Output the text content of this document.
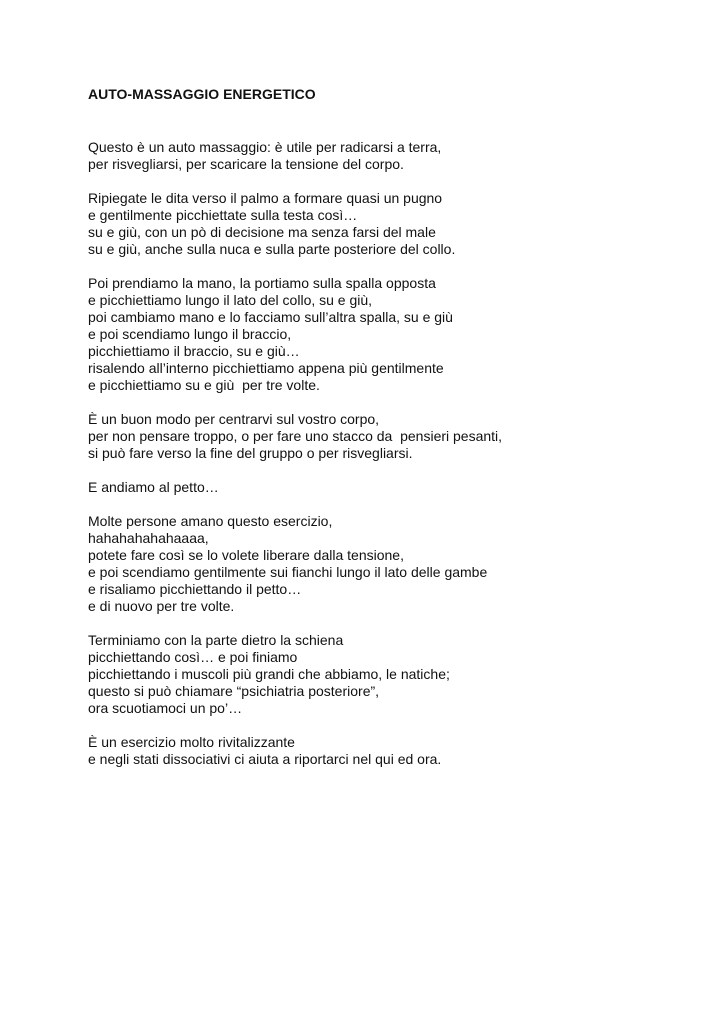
AUTO-MASSAGGIO ENERGETICO
Questo è un auto massaggio: è utile per radicarsi a terra,
per risvegliarsi, per scaricare la tensione del corpo.
Ripiegate le dita verso il palmo a formare quasi un pugno
e gentilmente picchiettate sulla testa così…
su e giù, con un pò di decisione ma senza farsi del male
su e giù, anche sulla nuca e sulla parte posteriore del collo.
Poi prendiamo la mano, la portiamo sulla spalla opposta
e picchiettiamo lungo il lato del collo, su e giù,
poi cambiamo mano e lo facciamo sull’altra spalla, su e giù
e poi scendiamo lungo il braccio,
picchiettiamo il braccio, su e giù…
risalendo all’interno picchiettiamo appena più gentilmente
e picchiettiamo su e giù  per tre volte.
È un buon modo per centrarvi sul vostro corpo,
per non pensare troppo, o per fare uno stacco da  pensieri pesanti,
si può fare verso la fine del gruppo o per risvegliarsi.
E andiamo al petto…
Molte persone amano questo esercizio,
hahahahahahaaaa,
potete fare così se lo volete liberare dalla tensione,
e poi scendiamo gentilmente sui fianchi lungo il lato delle gambe
e risaliamo picchiettando il petto…
e di nuovo per tre volte.
Terminiamo con la parte dietro la schiena
picchiettando così… e poi finiamo
picchiettando i muscoli più grandi che abbiamo, le natiche;
questo si può chiamare “psichiatria posteriore”,
ora scuotiamoci un po’…
È un esercizio molto rivitalizzante
e negli stati dissociativi ci aiuta a riportarci nel qui ed ora.
